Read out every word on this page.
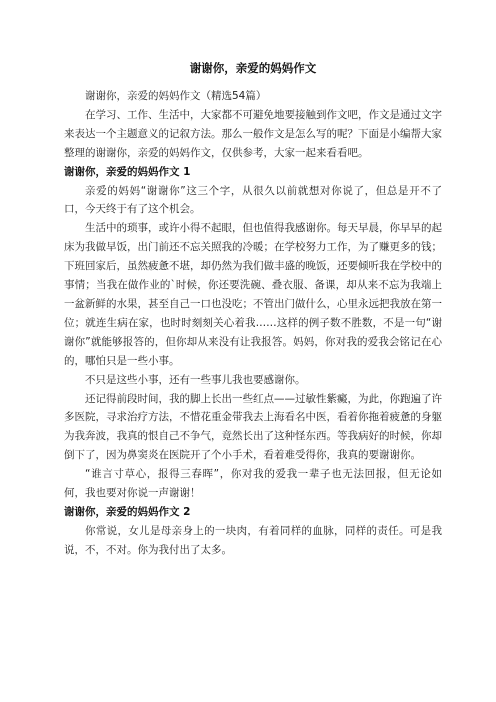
谢谢你，亲爱的妈妈作文

谢谢你，亲爱的妈妈作文（精选54篇）

在学习、工作、生活中，大家都不可避免地要接触到作文吧，作文是通过文字来表达一个主题意义的记叙方法。那么一般作文是怎么写的呢？下面是小编帮大家整理的谢谢你，亲爱的妈妈作文，仅供参考，大家一起来看看吧。

谢谢你，亲爱的妈妈作文 1

亲爱的妈妈“谢谢你”这三个字，从很久以前就想对你说了，但总是开不了口，今天终于有了这个机会。

生活中的琐事，或许小得不起眼，但也值得我感谢你。每天早晨，你早早的起床为我做早饭，出门前还不忘关照我的冷暖；在学校努力工作，为了赚更多的钱；下班回家后，虽然疲惫不堪，却仍然为我们做丰盛的晚饭，还要倾听我在学校中的事情；当我在做作业的`时候，你还要洗碗、叠衣服、备课，却从来不忘为我端上一盆新鲜的水果，甚至自己一口也没吃；不管出门做什么，心里永远把我放在第一位；就连生病在家，也时时刻刻关心着我……这样的例子数不胜数，不是一句“谢谢你”就能够报答的，但你却从来没有让我报答。妈妈，你对我的爱我会铭记在心的，哪怕只是一些小事。

不只是这些小事，还有一些事儿我也要感谢你。

还记得前段时间，我的脚上长出一些红点——过敏性紫癜，为此，你跑遍了许多医院，寻求治疗方法，不惜花重金带我去上海看名中医，看着你拖着疲惫的身躯为我奔波，我真的恨自己不争气，竟然长出了这种怪东西。等我病好的时候，你却倒下了，因为鼻窦炎在医院开了个小手术，看着难受得你，我真的要谢谢你。

“谁言寸草心，报得三春晖”，你对我的爱我一辈子也无法回报，但无论如何，我也要对你说一声谢谢！

谢谢你，亲爱的妈妈作文 2

你常说，女儿是母亲身上的一块肉，有着同样的血脉，同样的责任。可是我说，不，不对。你为我付出了太多。
